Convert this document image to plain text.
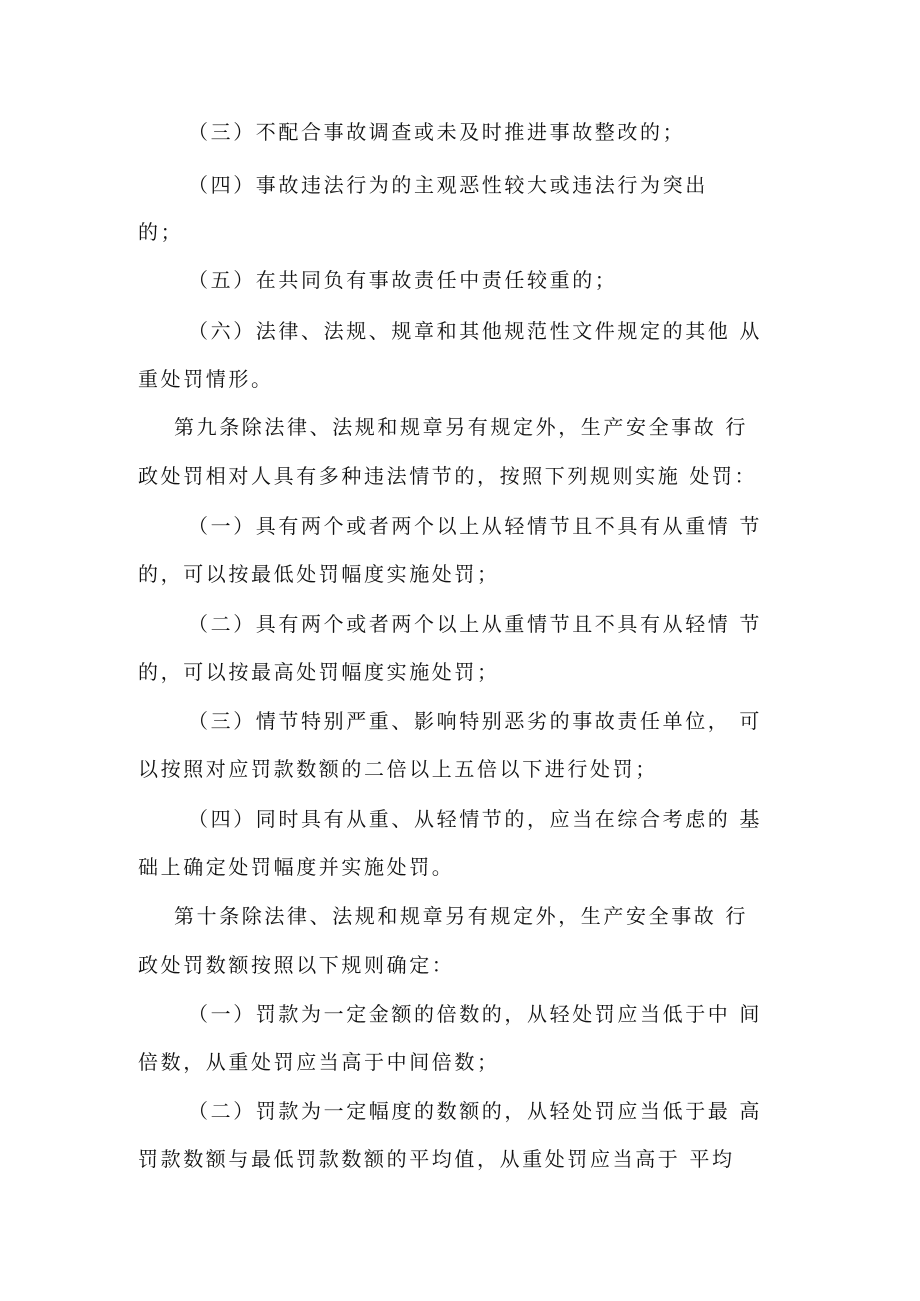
（三）不配合事故调查或未及时推进事故整改的；
（四）事故违法行为的主观恶性较大或违法行为突出
的；
（五）在共同负有事故责任中责任较重的；
（六）法律、法规、规章和其他规范性文件规定的其他 从
重处罚情形。
第九条除法律、法规和规章另有规定外，生产安全事故 行
政处罚相对人具有多种违法情节的，按照下列规则实施 处罚：
（一）具有两个或者两个以上从轻情节且不具有从重情 节
的，可以按最低处罚幅度实施处罚；
（二）具有两个或者两个以上从重情节且不具有从轻情 节
的，可以按最高处罚幅度实施处罚；
（三）情节特别严重、影响特别恶劣的事故责任单位， 可
以按照对应罚款数额的二倍以上五倍以下进行处罚；
（四）同时具有从重、从轻情节的，应当在综合考虑的 基
础上确定处罚幅度并实施处罚。
第十条除法律、法规和规章另有规定外，生产安全事故 行
政处罚数额按照以下规则确定：
（一）罚款为一定金额的倍数的，从轻处罚应当低于中 间
倍数，从重处罚应当高于中间倍数；
（二）罚款为一定幅度的数额的，从轻处罚应当低于最 高
罚款数额与最低罚款数额的平均值，从重处罚应当高于 平均
